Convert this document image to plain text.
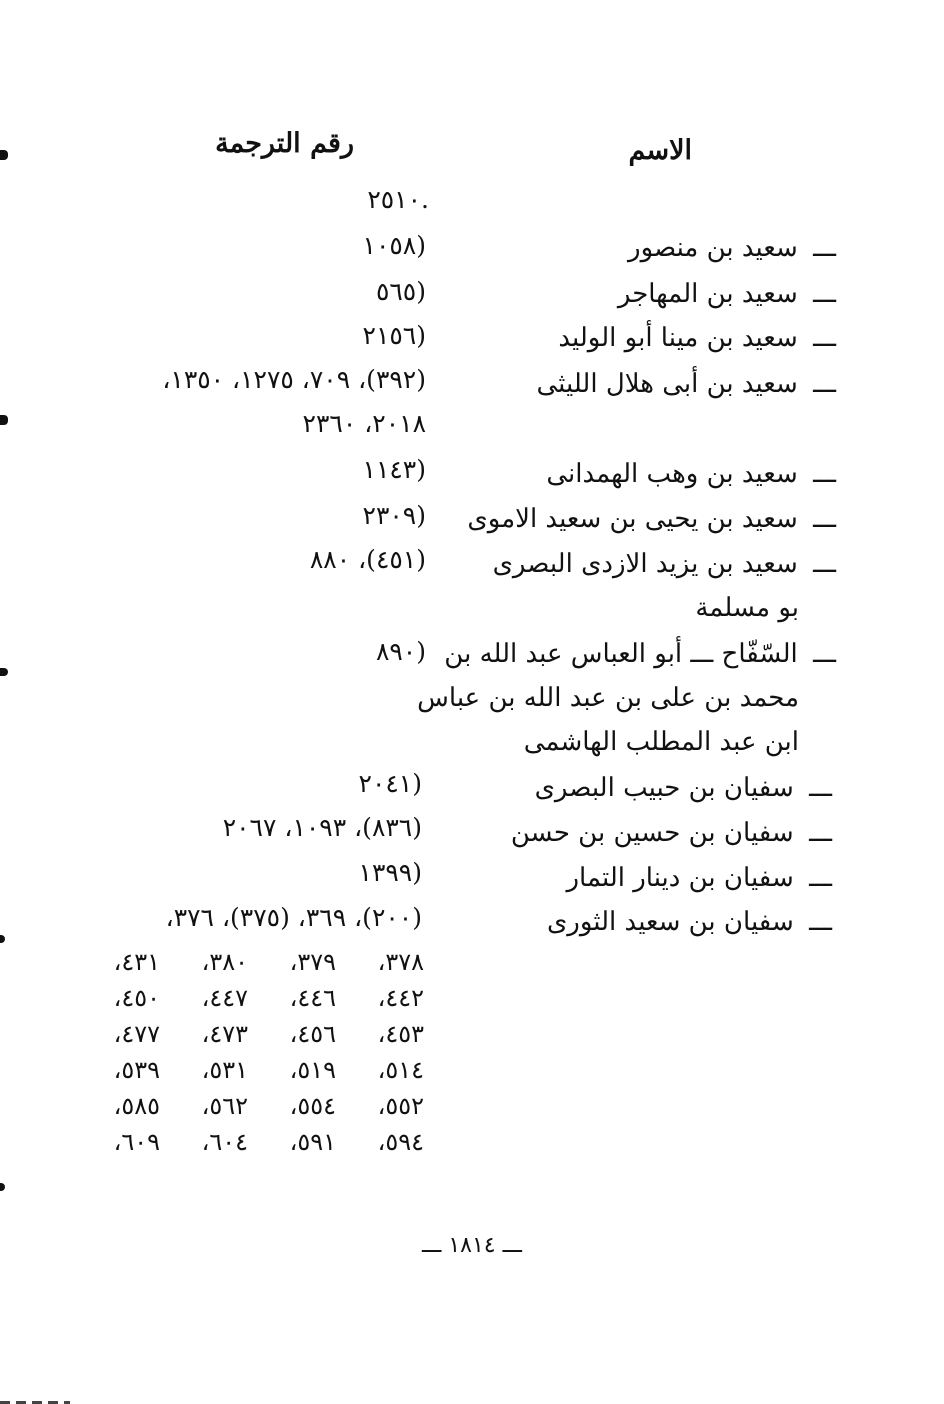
الاسم
رقم الترجمة
.٢٥١٠
ـــ سعيد بن منصور
(١٠٥٨
ـــ سعيد بن المهاجر
(٥٦٥
ـــ سعيد بن مينا أبو الوليد
(٢١٥٦
ـــ سعيد بن أبى هلال الليثى
(٣٩٢)، ٧٠٩، ١٢٧٥، ١٣٥٠،
٢٠١٨، ٢٣٦٠
ـــ سعيد بن وهب الهمدانى
(١١٤٣
ـــ سعيد بن يحيى بن سعيد الاموى
(٢٣٠٩
ـــ سعيد بن يزيد الازدى البصرى
(٤٥١)، ٨٨٠
بو مسلمة
ـــ السّفّاح ـــ أبو العباس عبد الله بن
(٨٩٠
محمد بن على بن عبد الله بن عباس
ابن عبد المطلب الهاشمى
ـــ سفيان بن حبيب البصرى
(٢٠٤١
ـــ سفيان بن حسين بن حسن
(٨٣٦)، ١٠٩٣، ٢٠٦٧
ـــ سفيان بن دينار التمار
(١٣٩٩
ـــ سفيان بن سعيد الثورى
(٢٠٠)، ٣٦٩، (٣٧٥)، ٣٧٦،
٣٧٨،
٣٧٩،
٣٨٠،
٤٣١،
٤٤٢،
٤٤٦،
٤٤٧،
٤٥٠،
٤٥٣،
٤٥٦،
٤٧٣،
٤٧٧،
٥١٤،
٥١٩،
٥٣١،
٥٣٩،
٥٥٢،
٥٥٤،
٥٦٢،
٥٨٥،
٥٩٤،
٥٩١،
٦٠٤،
٦٠٩،
ـــ ١٨١٤ ـــ
